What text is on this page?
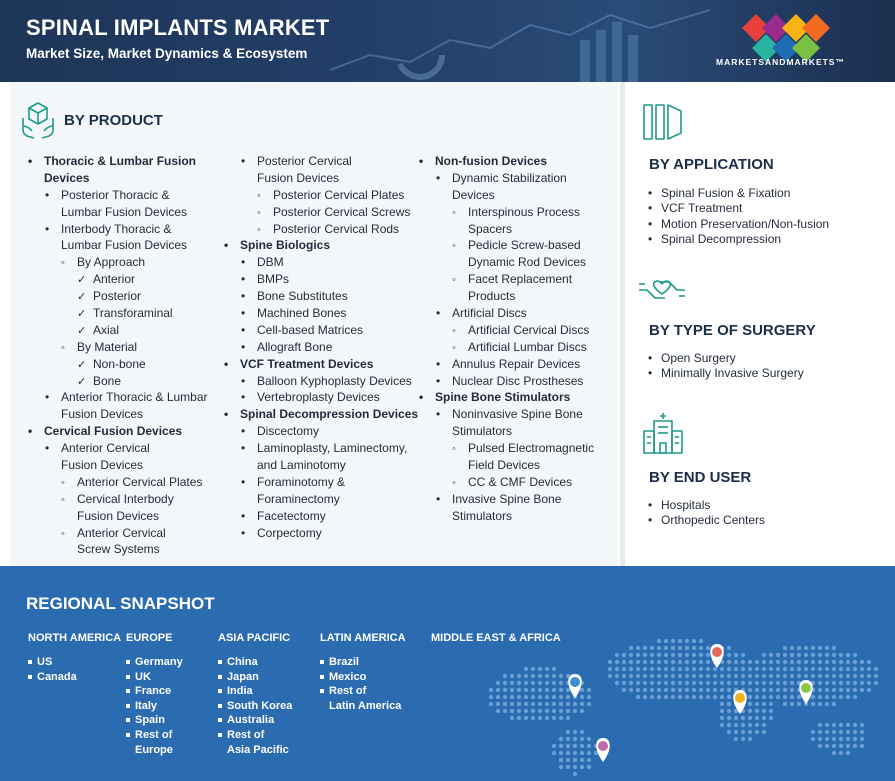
SPINAL IMPLANTS MARKET
Market Size, Market Dynamics & Ecosystem
MARKETSANDMARKETS™
BY PRODUCT
•
Thoracic & Lumbar Fusion
Devices
•
Posterior Thoracic &
Lumbar Fusion Devices
•
Interbody Thoracic &
Lumbar Fusion Devices
◦
By Approach
✓
Anterior
✓
Posterior
✓
Transforaminal
✓
Axial
◦
By Material
✓
Non-bone
✓
Bone
•
Anterior Thoracic & Lumbar
Fusion Devices
•
Cervical Fusion Devices
•
Anterior Cervical
Fusion Devices
◦
Anterior Cervical Plates
◦
Cervical Interbody
Fusion Devices
◦
Anterior Cervical
Screw Systems
•
Posterior Cervical
Fusion Devices
◦
Posterior Cervical Plates
◦
Posterior Cervical Screws
◦
Posterior Cervical Rods
•
Spine Biologics
•
DBM
•
BMPs
•
Bone Substitutes
•
Machined Bones
•
Cell-based Matrices
•
Allograft Bone
•
VCF Treatment Devices
•
Balloon Kyphoplasty Devices
•
Vertebroplasty Devices
•
Spinal Decompression Devices
•
Discectomy
•
Laminoplasty, Laminectomy,
and Laminotomy
•
Foraminotomy &
Foraminectomy
•
Facetectomy
•
Corpectomy
•
Non-fusion Devices
•
Dynamic Stabilization
Devices
◦
Interspinous Process
Spacers
◦
Pedicle Screw-based
Dynamic Rod Devices
◦
Facet Replacement
Products
•
Artificial Discs
◦
Artificial Cervical Discs
◦
Artificial Lumbar Discs
•
Annulus Repair Devices
•
Nuclear Disc Prostheses
•
Spine Bone Stimulators
•
Noninvasive Spine Bone
Stimulators
◦
Pulsed Electromagnetic
Field Devices
◦
CC & CMF Devices
•
Invasive Spine Bone
Stimulators
BY APPLICATION
• Spinal Fusion & Fixation
• VCF Treatment
• Motion Preservation/Non-fusion
• Spinal Decompression
BY TYPE OF SURGERY
• Open Surgery
• Minimally Invasive Surgery
BY END USER
• Hospitals
• Orthopedic Centers
REGIONAL SNAPSHOT
NORTH AMERICA
US
Canada
EUROPE
Germany
UK
France
Italy
Spain
Rest of
Europe
ASIA PACIFIC
China
Japan
India
South Korea
Australia
Rest of
Asia Pacific
LATIN AMERICA
Brazil
Mexico
Rest of
Latin America
MIDDLE EAST & AFRICA
